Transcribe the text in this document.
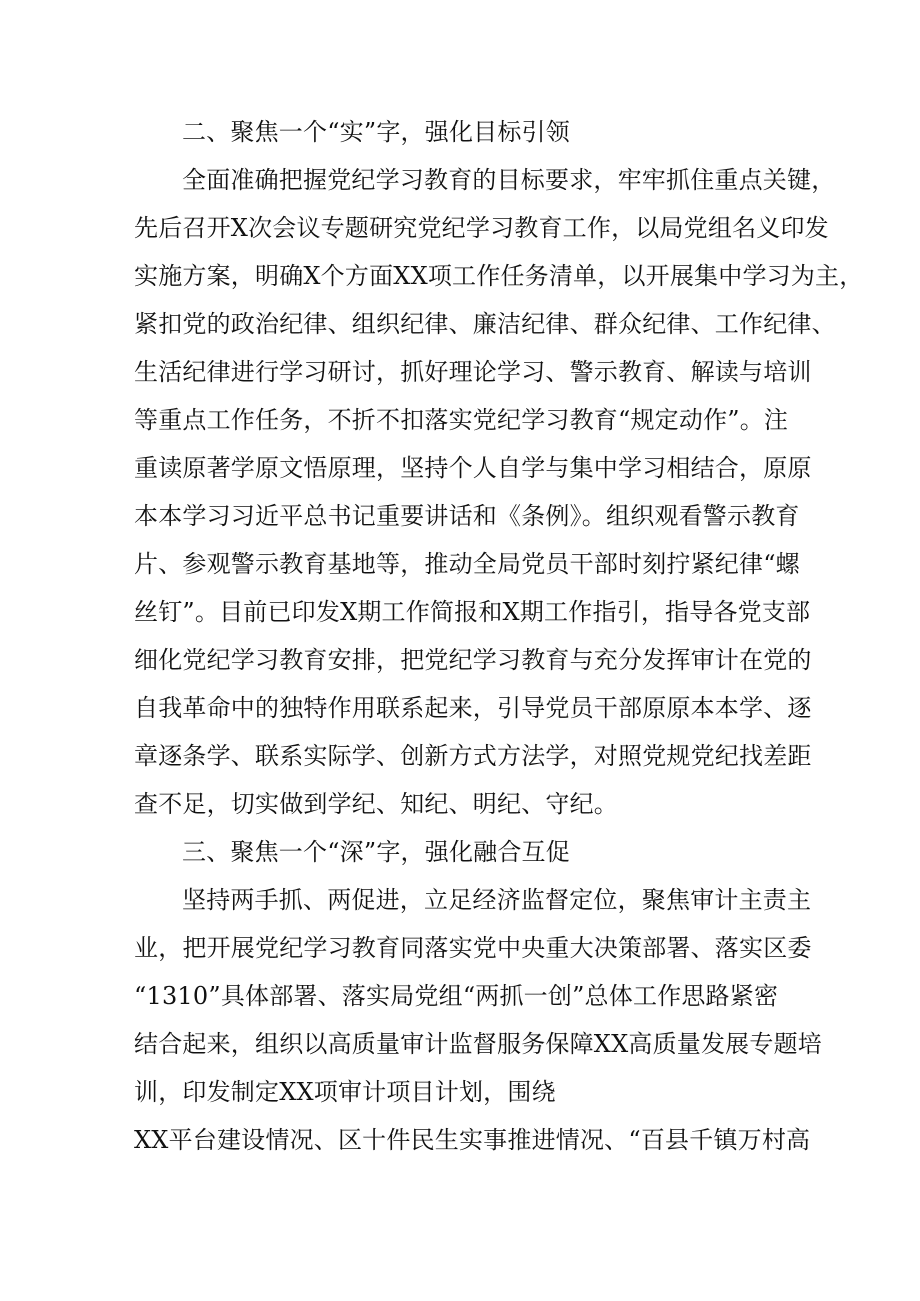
二、聚焦一个“实”字，强化目标引领
全面准确把握党纪学习教育的目标要求，牢牢抓住重点关键，
先后召开X次会议专题研究党纪学习教育工作，以局党组名义印发
实施方案，明确X个方面XX项工作任务清单，以开展集中学习为主，
紧扣党的政治纪律、组织纪律、廉洁纪律、群众纪律、工作纪律、
生活纪律进行学习研讨，抓好理论学习、警示教育、解读与培训
等重点工作任务，不折不扣落实党纪学习教育“规定动作”。注
重读原著学原文悟原理，坚持个人自学与集中学习相结合，原原
本本学习习近平总书记重要讲话和《条例》。组织观看警示教育
片、参观警示教育基地等，推动全局党员干部时刻拧紧纪律“螺
丝钉”。目前已印发X期工作简报和X期工作指引，指导各党支部
细化党纪学习教育安排，把党纪学习教育与充分发挥审计在党的
自我革命中的独特作用联系起来，引导党员干部原原本本学、逐
章逐条学、联系实际学、创新方式方法学，对照党规党纪找差距
查不足，切实做到学纪、知纪、明纪、守纪。
三、聚焦一个“深”字，强化融合互促
坚持两手抓、两促进，立足经济监督定位，聚焦审计主责主
业，把开展党纪学习教育同落实党中央重大决策部署、落实区委
“1310”具体部署、落实局党组“两抓一创”总体工作思路紧密
结合起来，组织以高质量审计监督服务保障XX高质量发展专题培
训，印发制定XX项审计项目计划，围绕
XX平台建设情况、区十件民生实事推进情况、“百县千镇万村高
